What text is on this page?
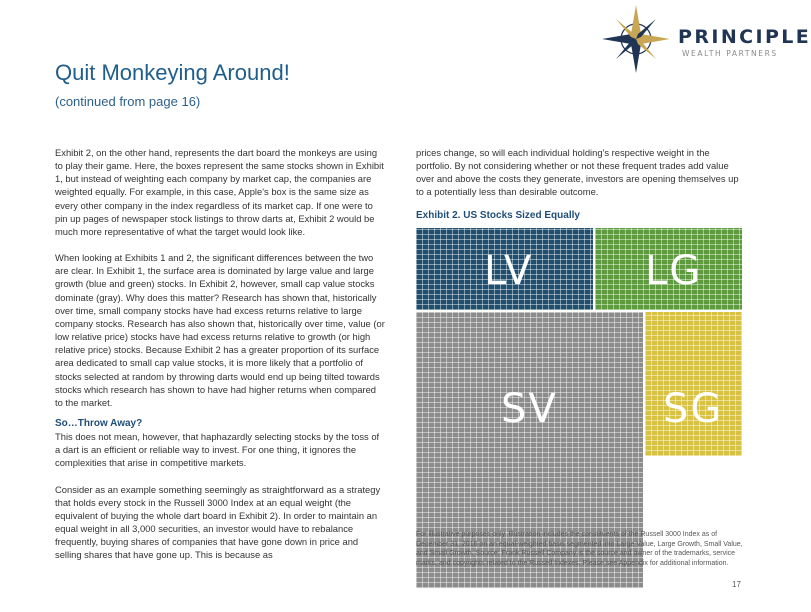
PRINCIPLE
WEALTH PARTNERS
Quit Monkeying Around!
(continued from page 16)

Exhibit 2, on the other hand, represents the dart board the monkeys are using to play their game. Here, the boxes represent the same stocks shown in Exhibit 1, but instead of weighting each company by market cap, the companies are weighted equally. For example, in this case, Apple's box is the same size as every other company in the index regardless of its market cap. If one were to pin up pages of newspaper stock listings to throw darts at, Exhibit 2 would be much more representative of what the target would look like.

When looking at Exhibits 1 and 2, the significant differences between the two are clear. In Exhibit 1, the surface area is dominated by large value and large growth (blue and green) stocks. In Exhibit 2, however, small cap value stocks dominate (gray). Why does this matter? Research has shown that, historically over time, small company stocks have had excess returns relative to large company stocks. Research has also shown that, historically over time, value (or low relative price) stocks have had excess returns relative to growth (or high relative price) stocks. Because Exhibit 2 has a greater proportion of its surface area dedicated to small cap value stocks, it is more likely that a portfolio of stocks selected at random by throwing darts would end up being tilted towards stocks which research has shown to have had higher returns when compared to the market.

So…Throw Away?

This does not mean, however, that haphazardly selecting stocks by the toss of a dart is an efficient or reliable way to invest. For one thing, it ignores the complexities that arise in competitive markets.

Consider as an example something seemingly as straightforward as a strategy that holds every stock in the Russell 3000 Index at an equal weight (the equivalent of buying the whole dart board in Exhibit 2). In order to maintain an equal weight in all 3,000 securities, an investor would have to rebalance frequently, buying shares of companies that have gone down in price and selling shares that have gone up. This is because as

prices change, so will each individual holding's respective weight in the portfolio. By not considering whether or not these frequent trades add value over and above the costs they generate, investors are opening themselves up to a potentially less than desirable outcome.

Exhibit 2. US Stocks Sized Equally
LV	LG
SV	SG
For illustrative purposes only. Illustration includes the constituents of the Russell 3000 Index as of December 31, 2016 on an equal-weighted basis segmented into Large Value, Large Growth, Small Value, and Small Growth. Source: Frank Russell Company is the source and owner of the trademarks, service marks, and copyrights related to the Russell Indexes. Please see Appendix for additional information.
17
